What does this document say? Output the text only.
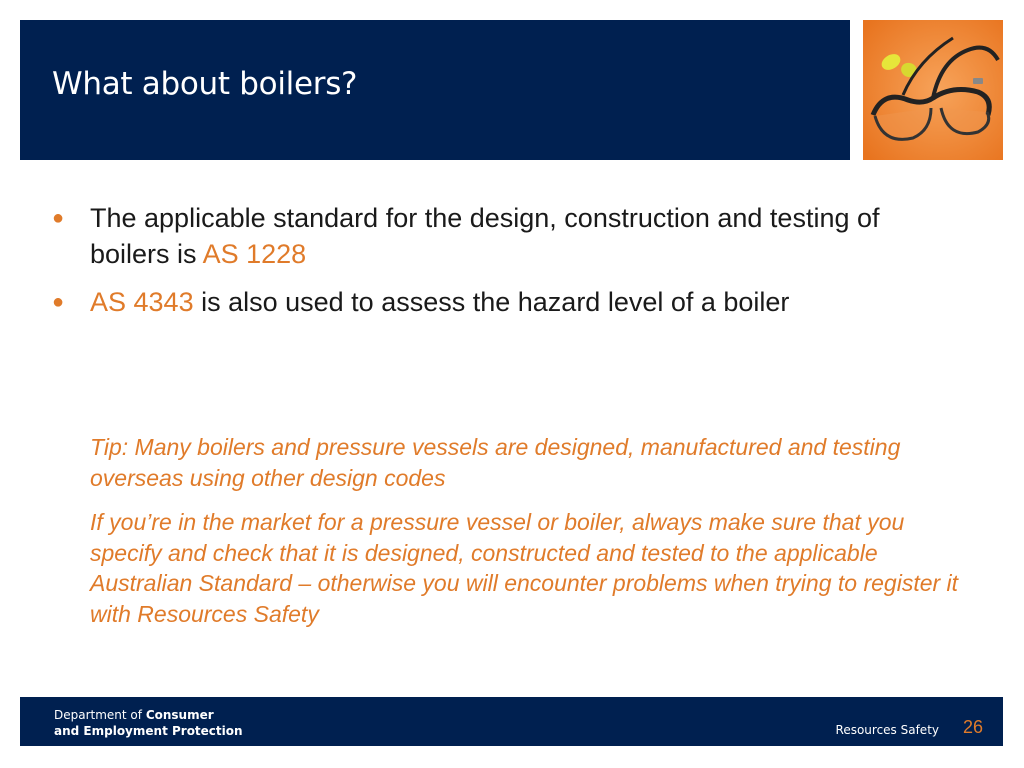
What about boilers?
● The applicable standard for the design, construction and testing of boilers is AS 1228
● AS 4343 is also used to assess the hazard level of a boiler
Tip: Many boilers and pressure vessels are designed, manufactured and testing overseas using other design codes
If you’re in the market for a pressure vessel or boiler, always make sure that you specify and check that it is designed, constructed and tested to the applicable Australian Standard – otherwise you will encounter problems when trying to register it with Resources Safety
Department of Consumer
and Employment Protection	Resources Safety 26
